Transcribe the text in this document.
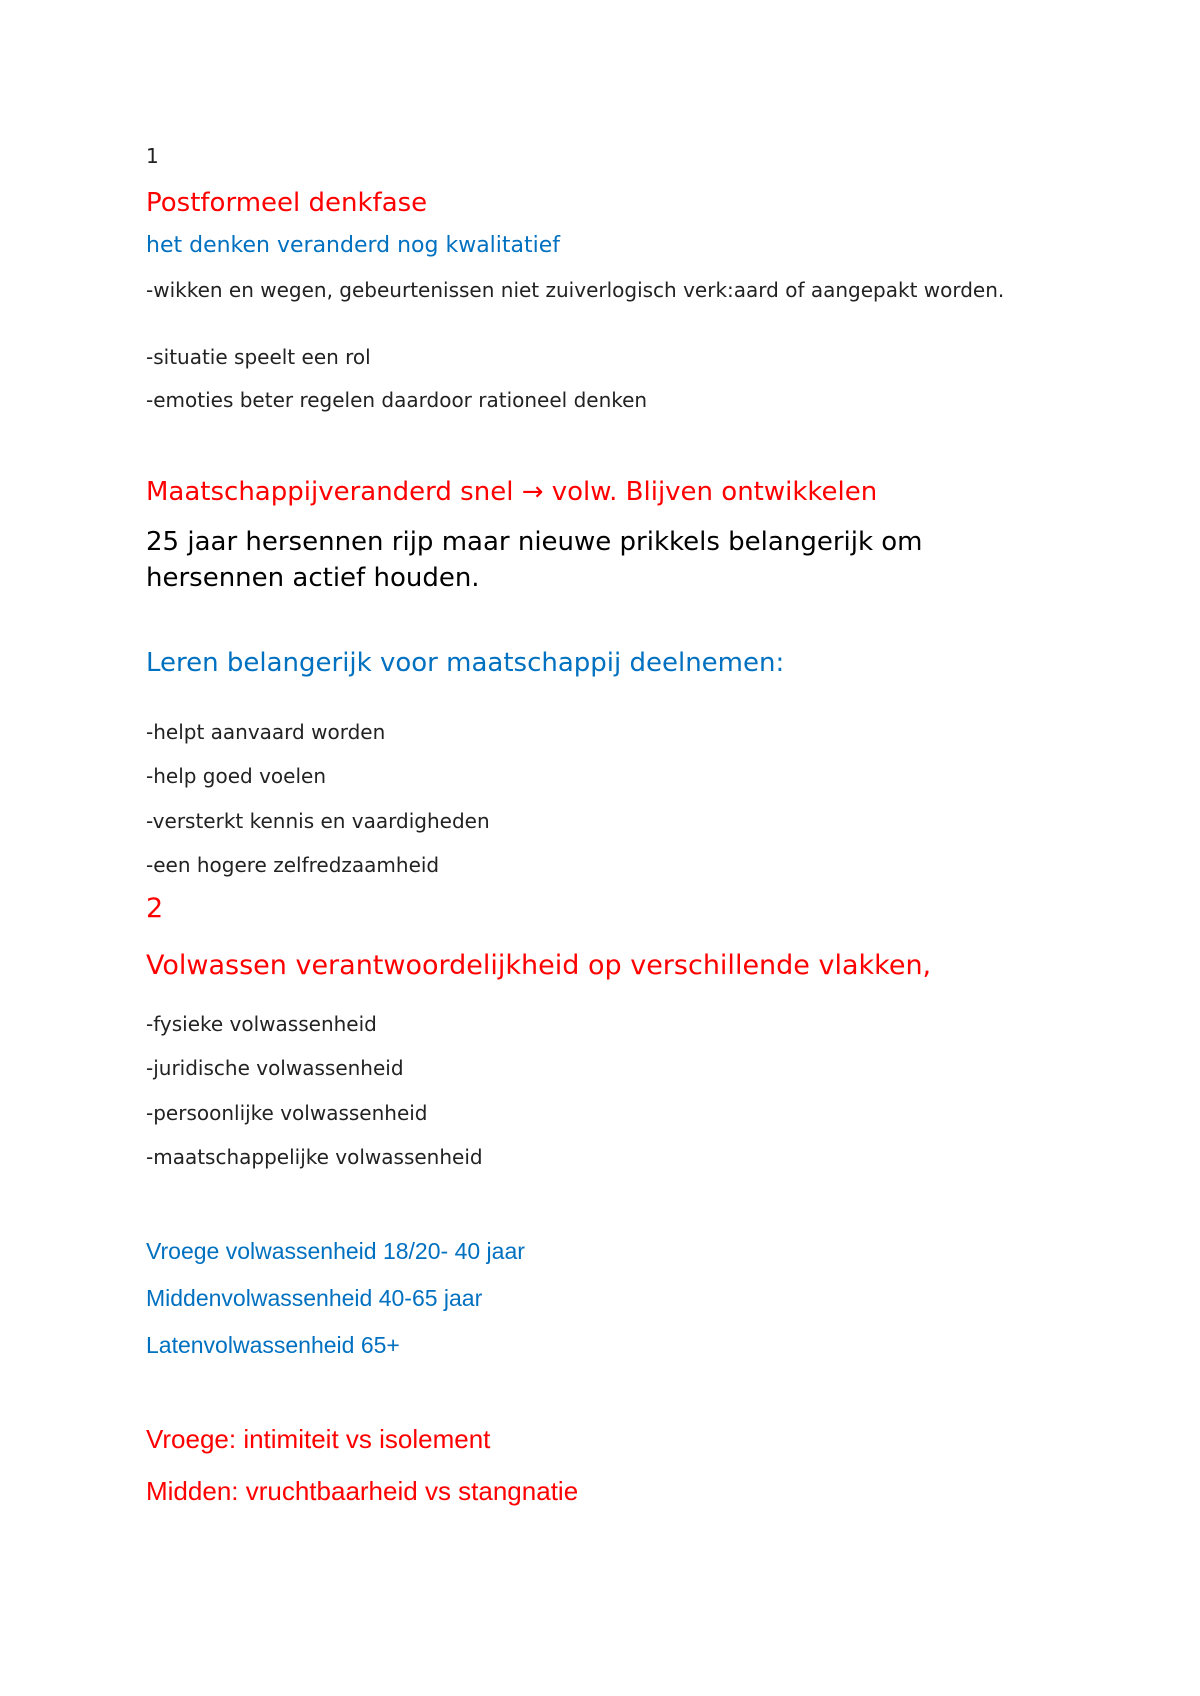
1

Postformeel denkfase

het denken veranderd nog kwalitatief

-wikken en wegen, gebeurtenissen niet zuiverlogisch verk:aard of aangepakt worden.

-situatie speelt een rol

-emoties beter regelen daardoor rationeel denken

Maatschappijveranderd snel → volw. Blijven ontwikkelen

25 jaar hersennen rijp maar nieuwe prikkels belangerijk om hersennen actief houden.

Leren belangerijk voor maatschappij deelnemen:

-helpt aanvaard worden

-help goed voelen

-versterkt kennis en vaardigheden

-een hogere zelfredzaamheid

2

Volwassen verantwoordelijkheid op verschillende vlakken,

-fysieke volwassenheid

-juridische volwassenheid

-persoonlijke volwassenheid

-maatschappelijke volwassenheid

Vroege volwassenheid 18/20- 40 jaar

Middenvolwassenheid 40-65 jaar

Latenvolwassenheid 65+

Vroege: intimiteit vs isolement

Midden: vruchtbaarheid vs stangnatie
